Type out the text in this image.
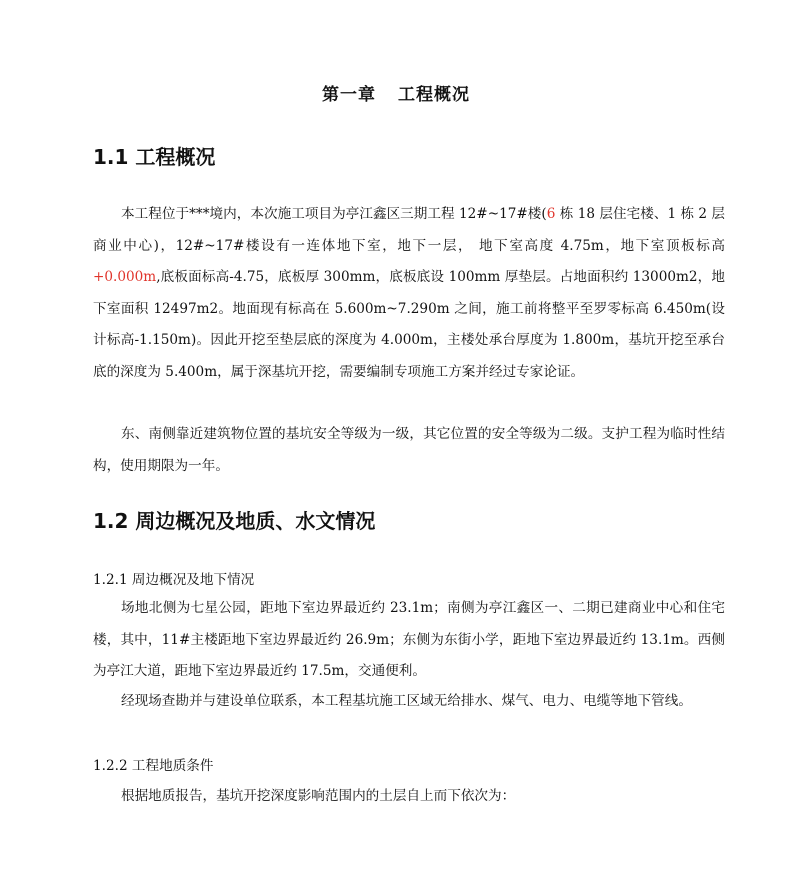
第一章 工程概况
1.1 工程概况
本工程位于***境内，本次施工项目为亭江鑫区三期工程 12#~17#楼(6 栋 18 层住宅楼、1 栋 2 层商业中心)，12#~17#楼设有一连体地下室，地下一层， 地下室高度 4.75m，地下室顶板标高+0.000m,底板面标高-4.75，底板厚 300mm，底板底设 100mm 厚垫层。占地面积约 13000m2，地下室面积 12497m2。地面现有标高在 5.600m~7.290m 之间，施工前将整平至罗零标高 6.450m(设计标高-1.150m)。因此开挖至垫层底的深度为 4.000m，主楼处承台厚度为 1.800m，基坑开挖至承台底的深度为 5.400m，属于深基坑开挖，需要编制专项施工方案并经过专家论证。
东、南侧靠近建筑物位置的基坑安全等级为一级，其它位置的安全等级为二级。支护工程为临时性结构，使用期限为一年。
1.2 周边概况及地质、水文情况
1.2.1 周边概况及地下情况
场地北侧为七星公园，距地下室边界最近约 23.1m；南侧为亭江鑫区一、二期已建商业中心和住宅楼，其中，11#主楼距地下室边界最近约 26.9m；东侧为东街小学，距地下室边界最近约 13.1m。西侧为亭江大道，距地下室边界最近约 17.5m，交通便利。
经现场查勘并与建设单位联系，本工程基坑施工区域无给排水、煤气、电力、电缆等地下管线。
1.2.2 工程地质条件
根据地质报告，基坑开挖深度影响范围内的土层自上而下依次为：
